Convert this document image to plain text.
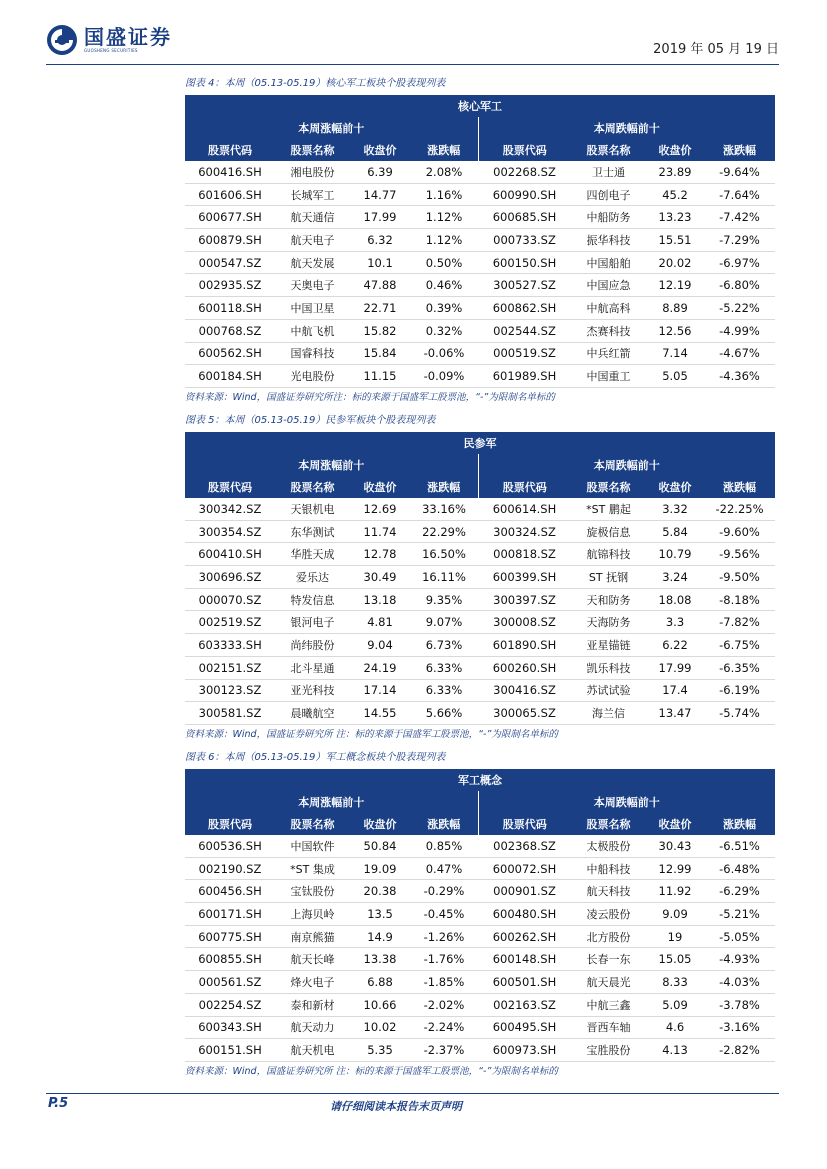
国盛证券
GUOSHENG SECURITIES	2019 年 05 月 19 日
图表 4：本周（05.13-05.19）核心军工板块个股表现列表
核心军工							
本周涨幅前十				本周跌幅前十			
股票代码	股票名称	收盘价	涨跌幅	股票代码	股票名称	收盘价	涨跌幅
600416.SH	湘电股份	6.39	2.08%	002268.SZ	卫士通	23.89	-9.64%
601606.SH	长城军工	14.77	1.16%	600990.SH	四创电子	45.2	-7.64%
600677.SH	航天通信	17.99	1.12%	600685.SH	中船防务	13.23	-7.42%
600879.SH	航天电子	6.32	1.12%	000733.SZ	振华科技	15.51	-7.29%
000547.SZ	航天发展	10.1	0.50%	600150.SH	中国船舶	20.02	-6.97%
002935.SZ	天奥电子	47.88	0.46%	300527.SZ	中国应急	12.19	-6.80%
600118.SH	中国卫星	22.71	0.39%	600862.SH	中航高科	8.89	-5.22%
000768.SZ	中航飞机	15.82	0.32%	002544.SZ	杰赛科技	12.56	-4.99%
600562.SH	国睿科技	15.84	-0.06%	000519.SZ	中兵红箭	7.14	-4.67%
600184.SH	光电股份	11.15	-0.09%	601989.SH	中国重工	5.05	-4.36%
资料来源：Wind，国盛证券研究所注：标的来源于国盛军工股票池，“-”为限制名单标的
图表 5：本周（05.13-05.19）民参军板块个股表现列表
民参军							
本周涨幅前十				本周跌幅前十			
股票代码	股票名称	收盘价	涨跌幅	股票代码	股票名称	收盘价	涨跌幅
300342.SZ	天银机电	12.69	33.16%	600614.SH	*ST 鹏起	3.32	-22.25%
300354.SZ	东华测试	11.74	22.29%	300324.SZ	旋极信息	5.84	-9.60%
600410.SH	华胜天成	12.78	16.50%	000818.SZ	航锦科技	10.79	-9.56%
300696.SZ	爱乐达	30.49	16.11%	600399.SH	ST 抚钢	3.24	-9.50%
000070.SZ	特发信息	13.18	9.35%	300397.SZ	天和防务	18.08	-8.18%
002519.SZ	银河电子	4.81	9.07%	300008.SZ	天海防务	3.3	-7.82%
603333.SH	尚纬股份	9.04	6.73%	601890.SH	亚星锚链	6.22	-6.75%
002151.SZ	北斗星通	24.19	6.33%	600260.SH	凯乐科技	17.99	-6.35%
300123.SZ	亚光科技	17.14	6.33%	300416.SZ	苏试试验	17.4	-6.19%
300581.SZ	晨曦航空	14.55	5.66%	300065.SZ	海兰信	13.47	-5.74%
资料来源：Wind，国盛证券研究所 注：标的来源于国盛军工股票池，“-”为限制名单标的
图表 6：本周（05.13-05.19）军工概念板块个股表现列表
军工概念							
本周涨幅前十				本周跌幅前十			
股票代码	股票名称	收盘价	涨跌幅	股票代码	股票名称	收盘价	涨跌幅
600536.SH	中国软件	50.84	0.85%	002368.SZ	太极股份	30.43	-6.51%
002190.SZ	*ST 集成	19.09	0.47%	600072.SH	中船科技	12.99	-6.48%
600456.SH	宝钛股份	20.38	-0.29%	000901.SZ	航天科技	11.92	-6.29%
600171.SH	上海贝岭	13.5	-0.45%	600480.SH	凌云股份	9.09	-5.21%
600775.SH	南京熊猫	14.9	-1.26%	600262.SH	北方股份	19	-5.05%
600855.SH	航天长峰	13.38	-1.76%	600148.SH	长春一东	15.05	-4.93%
000561.SZ	烽火电子	6.88	-1.85%	600501.SH	航天晨光	8.33	-4.03%
002254.SZ	泰和新材	10.66	-2.02%	002163.SZ	中航三鑫	5.09	-3.78%
600343.SH	航天动力	10.02	-2.24%	600495.SH	晋西车轴	4.6	-3.16%
600151.SH	航天机电	5.35	-2.37%	600973.SH	宝胜股份	4.13	-2.82%
资料来源：Wind，国盛证券研究所 注：标的来源于国盛军工股票池，“-”为限制名单标的
P.5	请仔细阅读本报告末页声明
